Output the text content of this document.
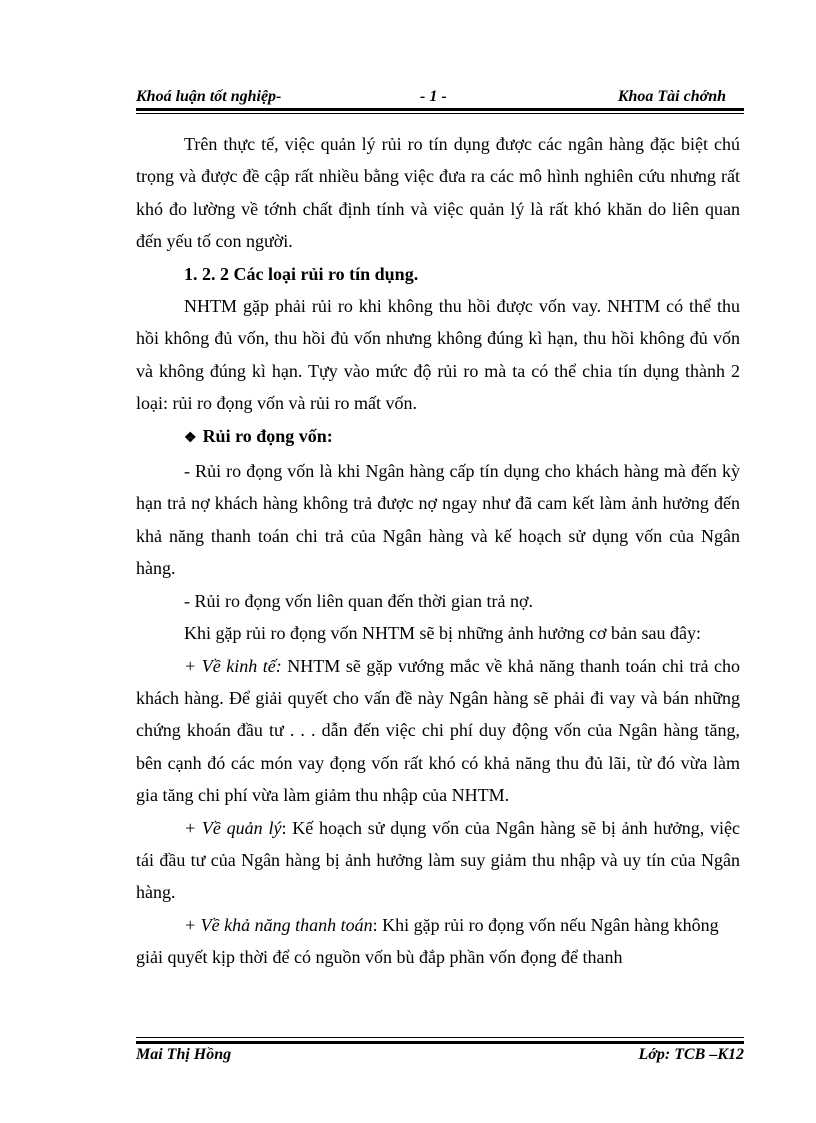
Khoá luận tốt nghiệp-	- 1 -	Khoa Tài chớnh

Trên thực tế, việc quản lý rủi ro tín dụng được các ngân hàng đặc biệt chú trọng và được đề cập rất nhiều bằng việc đưa ra các mô hình nghiên cứu nhưng rất khó đo lường về tớnh chất định tính và việc quản lý là rất khó khăn do liên quan đến yếu tố con người.

1. 2. 2 Các loại rủi ro tín dụng.

NHTM gặp phải rủi ro khi không thu hồi được vốn vay. NHTM có thể thu hồi không đủ vốn, thu hồi đủ vốn nhưng không đúng kì hạn, thu hồi không đủ vốn và không đúng kì hạn. Tựy vào mức độ rủi ro mà ta có thể chia tín dụng thành 2 loại: rủi ro đọng vốn và rủi ro mất vốn.

❖ Rủi ro đọng vốn:

- Rủi ro đọng vốn là khi Ngân hàng cấp tín dụng cho khách hàng mà đến kỳ hạn trả nợ khách hàng không trả được nợ ngay như đã cam kết làm ảnh hưởng đến khả năng thanh toán chi trả của Ngân hàng và kế hoạch sử dụng vốn của Ngân hàng.

- Rủi ro đọng vốn liên quan đến thời gian trả nợ.

Khi gặp rủi ro đọng vốn NHTM sẽ bị những ảnh hưởng cơ bản sau đây:

+ Về kinh tế: NHTM sẽ gặp vướng mắc về khả năng thanh toán chi trả cho khách hàng. Để giải quyết cho vấn đề này Ngân hàng sẽ phải đi vay và bán những chứng khoán đầu tư . . . dẫn đến việc chi phí duy động vốn của Ngân hàng tăng, bên cạnh đó các món vay đọng vốn rất khó có khả năng thu đủ lãi, từ đó vừa làm gia tăng chi phí vừa làm giảm thu nhập của NHTM.

+ Về quản lý: Kế hoạch sử dụng vốn của Ngân hàng sẽ bị ảnh hưởng, việc tái đầu tư của Ngân hàng bị ảnh hưởng làm suy giảm thu nhập và uy tín của Ngân hàng.

+ Về khả năng thanh toán: Khi gặp rủi ro đọng vốn nếu Ngân hàng không giải quyết kịp thời để có nguồn vốn bù đắp phần vốn đọng để thanh

Mai Thị Hồng	Lớp: TCB –K12
